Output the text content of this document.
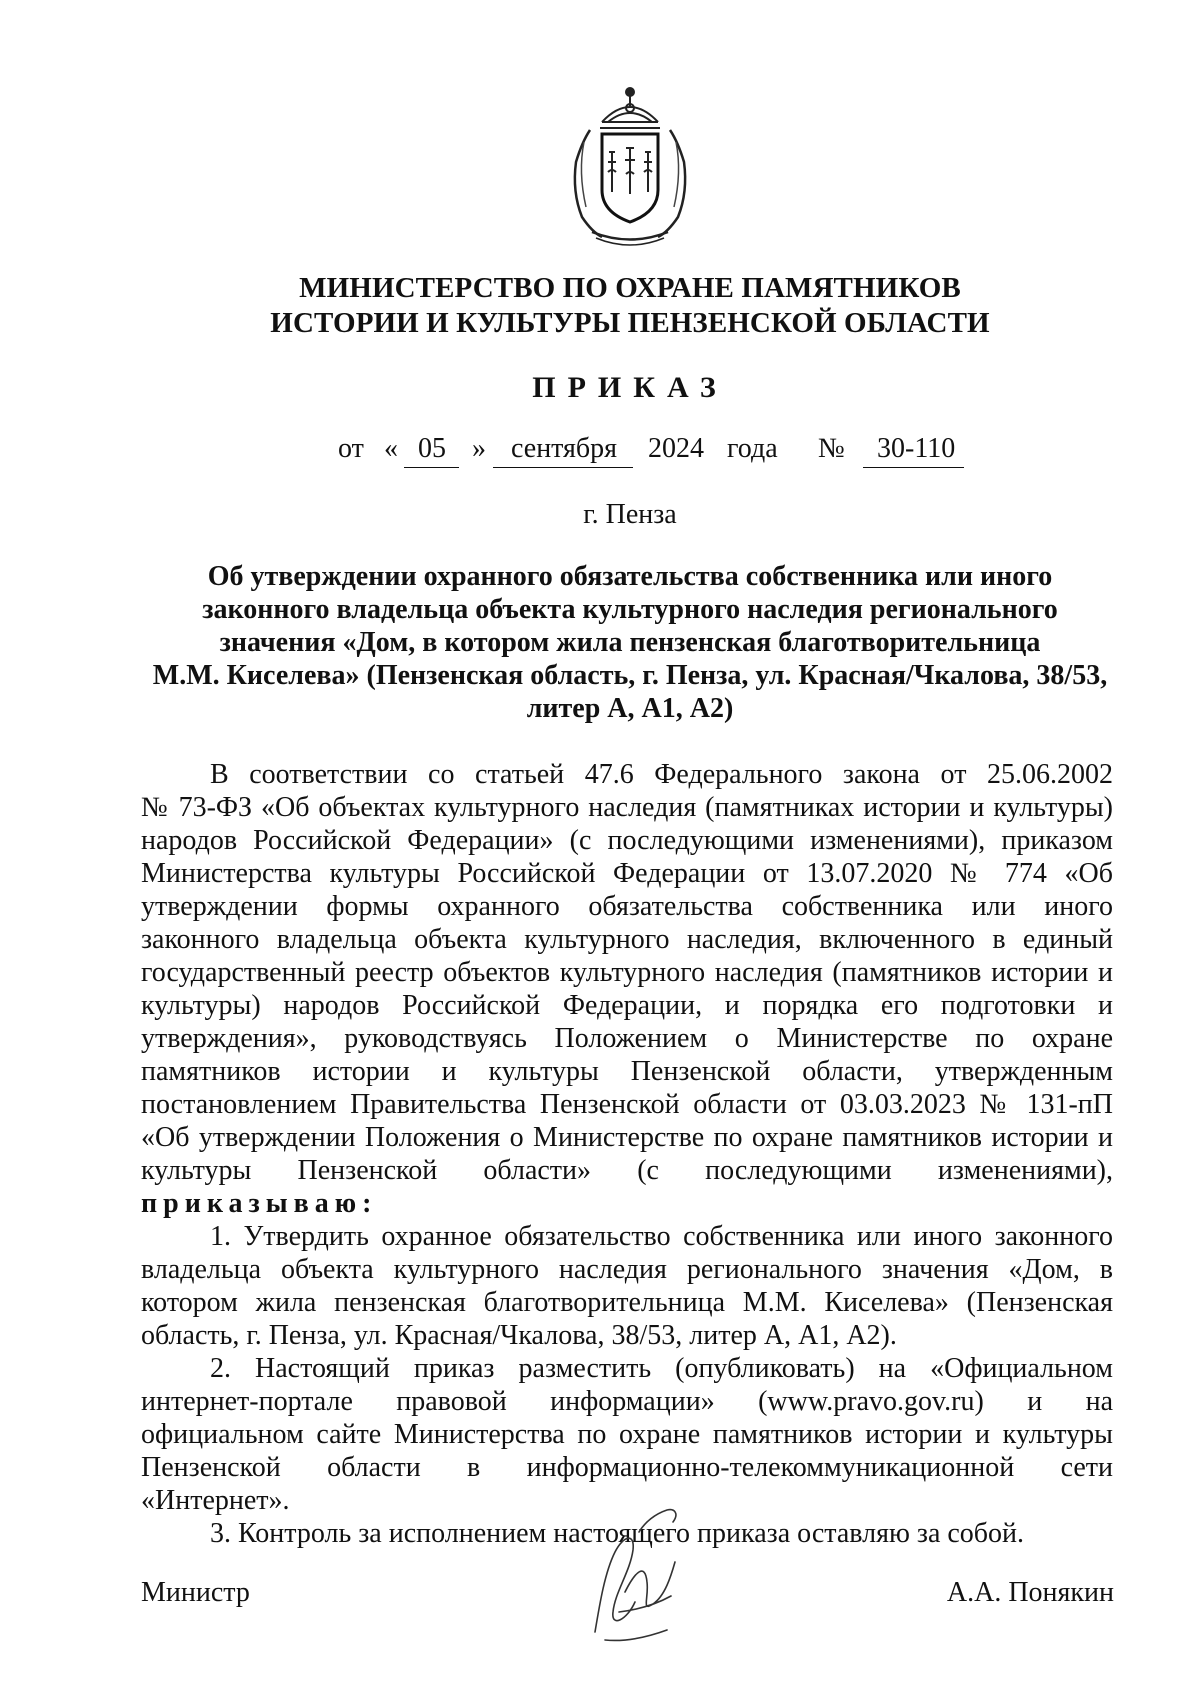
МИНИСТЕРСТВО ПО ОХРАНЕ ПАМЯТНИКОВ
ИСТОРИИ И КУЛЬТУРЫ ПЕНЗЕНСКОЙ ОБЛАСТИ
ПРИКАЗ
от « 05 » сентября 2024 года № 30-110
г. Пенза
Об утверждении охранного обязательства собственника или иного
законного владельца объекта культурного наследия регионального
значения «Дом, в котором жила пензенская благотворительница
М.М. Киселева» (Пензенская область, г. Пенза, ул. Красная/Чкалова, 38/53,
литер А, А1, А2)
В соответствии со статьей 47.6 Федерального закона от 25.06.2002
№ 73-ФЗ «Об объектах культурного наследия (памятниках истории и культуры)
народов Российской Федерации» (с последующими изменениями), приказом
Министерства культуры Российской Федерации от 13.07.2020 № 774 «Об
утверждении формы охранного обязательства собственника или иного
законного владельца объекта культурного наследия, включенного в единый
государственный реестр объектов культурного наследия (памятников истории и
культуры) народов Российской Федерации, и порядка его подготовки и
утверждения», руководствуясь Положением о Министерстве по охране
памятников истории и культуры Пензенской области, утвержденным
постановлением Правительства Пензенской области от 03.03.2023 № 131-пП
«Об утверждении Положения о Министерстве по охране памятников истории и
культуры Пензенской области» (с последующими изменениями),
приказываю:
1. Утвердить охранное обязательство собственника или иного законного
владельца объекта культурного наследия регионального значения «Дом, в
котором жила пензенская благотворительница М.М. Киселева» (Пензенская
область, г. Пенза, ул. Красная/Чкалова, 38/53, литер А, А1, А2).
2. Настоящий приказ разместить (опубликовать) на «Официальном
интернет-портале правовой информации» (www.pravo.gov.ru) и на
официальном сайте Министерства по охране памятников истории и культуры
Пензенской области в информационно-телекоммуникационной сети
«Интернет».
3. Контроль за исполнением настоящего приказа оставляю за собой.
Министр	А.А. Понякин
